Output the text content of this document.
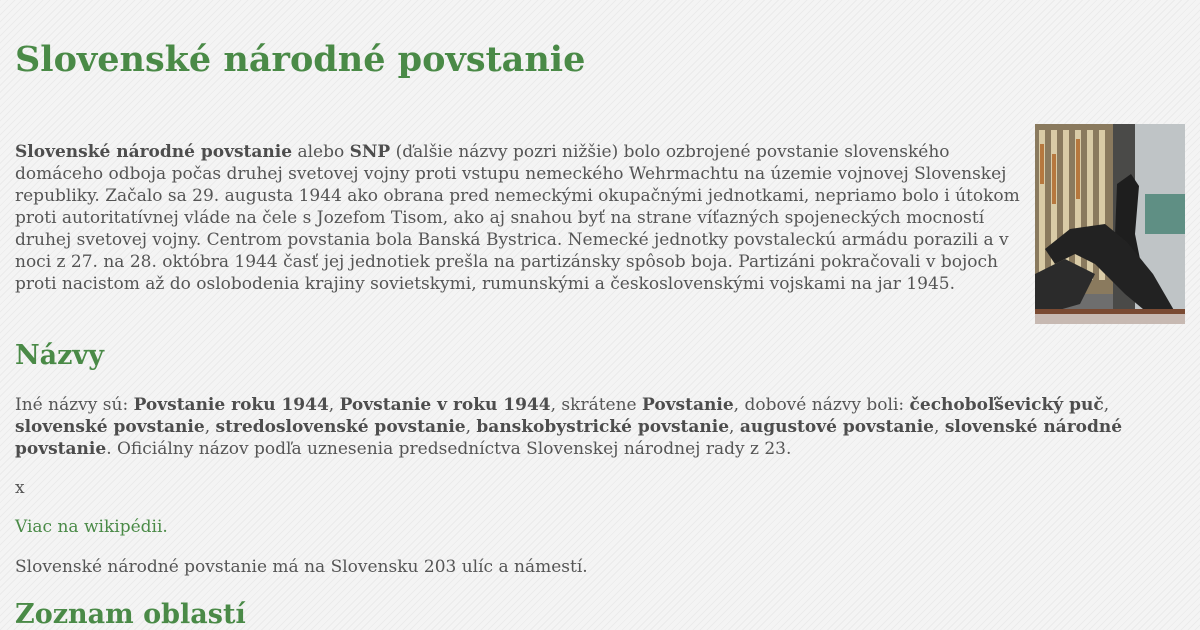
Slovenské národné povstanie

Slovenské národné povstanie alebo SNP (ďalšie názvy pozri nižšie) bolo ozbrojené povstanie slovenského domáceho odboja počas druhej svetovej vojny proti vstupu nemeckého Wehrmachtu na územie vojnovej Slovenskej republiky. Začalo sa 29. augusta 1944 ako obrana pred nemeckými okupačnými jednotkami, nepriamo bolo i útokom proti autoritatívnej vláde na čele s Jozefom Tisom, ako aj snahou byť na strane víťazných spojeneckých mocností druhej svetovej vojny. Centrom povstania bola Banská Bystrica. Nemecké jednotky povstaleckú armádu porazili a v noci z 27. na 28. októbra 1944 časť jej jednotiek prešla na partizánsky spôsob boja. Partizáni pokračovali v bojoch proti nacistom až do oslobodenia krajiny sovietskymi, rumunskými a československými vojskami na jar 1945.

Názvy

Iné názvy sú: Povstanie roku 1944, Povstanie v roku 1944, skrátene Povstanie, dobové názvy boli: čechoboľševický puč, slovenské povstanie, stredoslovenské povstanie, banskobystrické povstanie, augustové povstanie, slovenské národné povstanie. Oficiálny názov podľa uznesenia predsedníctva Slovenskej národnej rady z 23.

x

Viac na wikipédii.

Slovenské národné povstanie má na Slovensku 203 ulíc a námestí.

Zoznam oblastí
